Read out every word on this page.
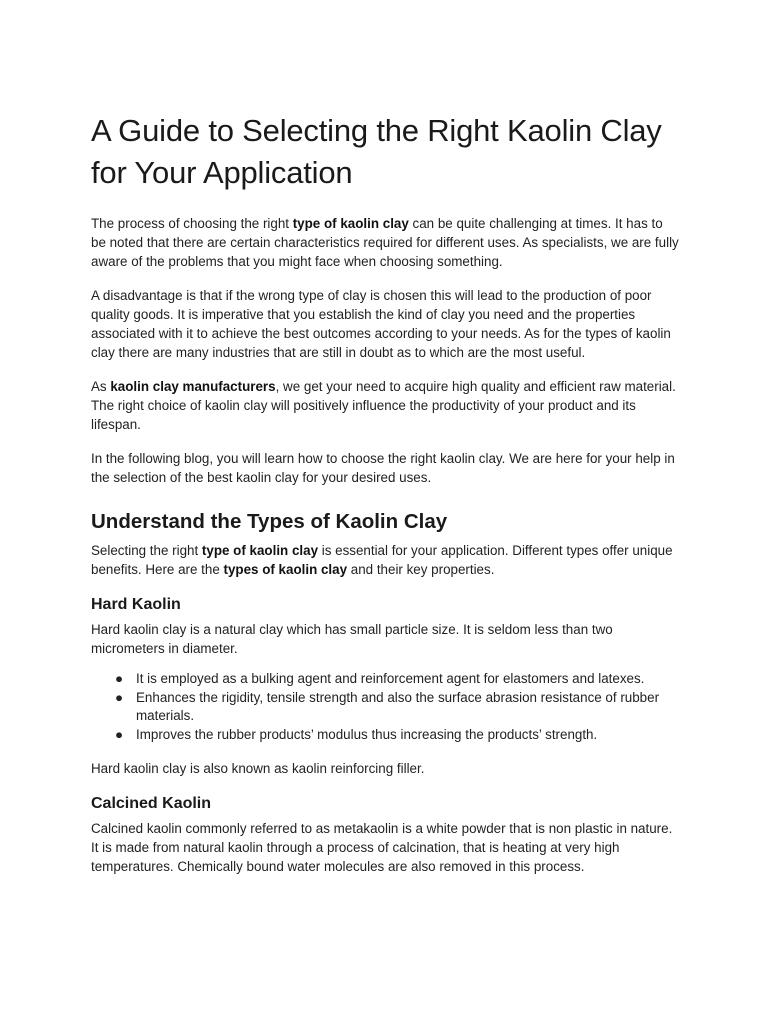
A Guide to Selecting the Right Kaolin Clay for Your Application

The process of choosing the right type of kaolin clay can be quite challenging at times. It has to be noted that there are certain characteristics required for different uses. As specialists, we are fully aware of the problems that you might face when choosing something.

A disadvantage is that if the wrong type of clay is chosen this will lead to the production of poor quality goods. It is imperative that you establish the kind of clay you need and the properties associated with it to achieve the best outcomes according to your needs. As for the types of kaolin clay there are many industries that are still in doubt as to which are the most useful.

As kaolin clay manufacturers, we get your need to acquire high quality and efficient raw material. The right choice of kaolin clay will positively influence the productivity of your product and its lifespan.

In the following blog, you will learn how to choose the right kaolin clay. We are here for your help in the selection of the best kaolin clay for your desired uses.

Understand the Types of Kaolin Clay

Selecting the right type of kaolin clay is essential for your application. Different types offer unique benefits. Here are the types of kaolin clay and their key properties.

Hard Kaolin

Hard kaolin clay is a natural clay which has small particle size. It is seldom less than two micrometers in diameter.

● It is employed as a bulking agent and reinforcement agent for elastomers and latexes.
● Enhances the rigidity, tensile strength and also the surface abrasion resistance of rubber materials.
● Improves the rubber products’ modulus thus increasing the products’ strength.

Hard kaolin clay is also known as kaolin reinforcing filler.

Calcined Kaolin

Calcined kaolin commonly referred to as metakaolin is a white powder that is non plastic in nature. It is made from natural kaolin through a process of calcination, that is heating at very high temperatures. Chemically bound water molecules are also removed in this process.
